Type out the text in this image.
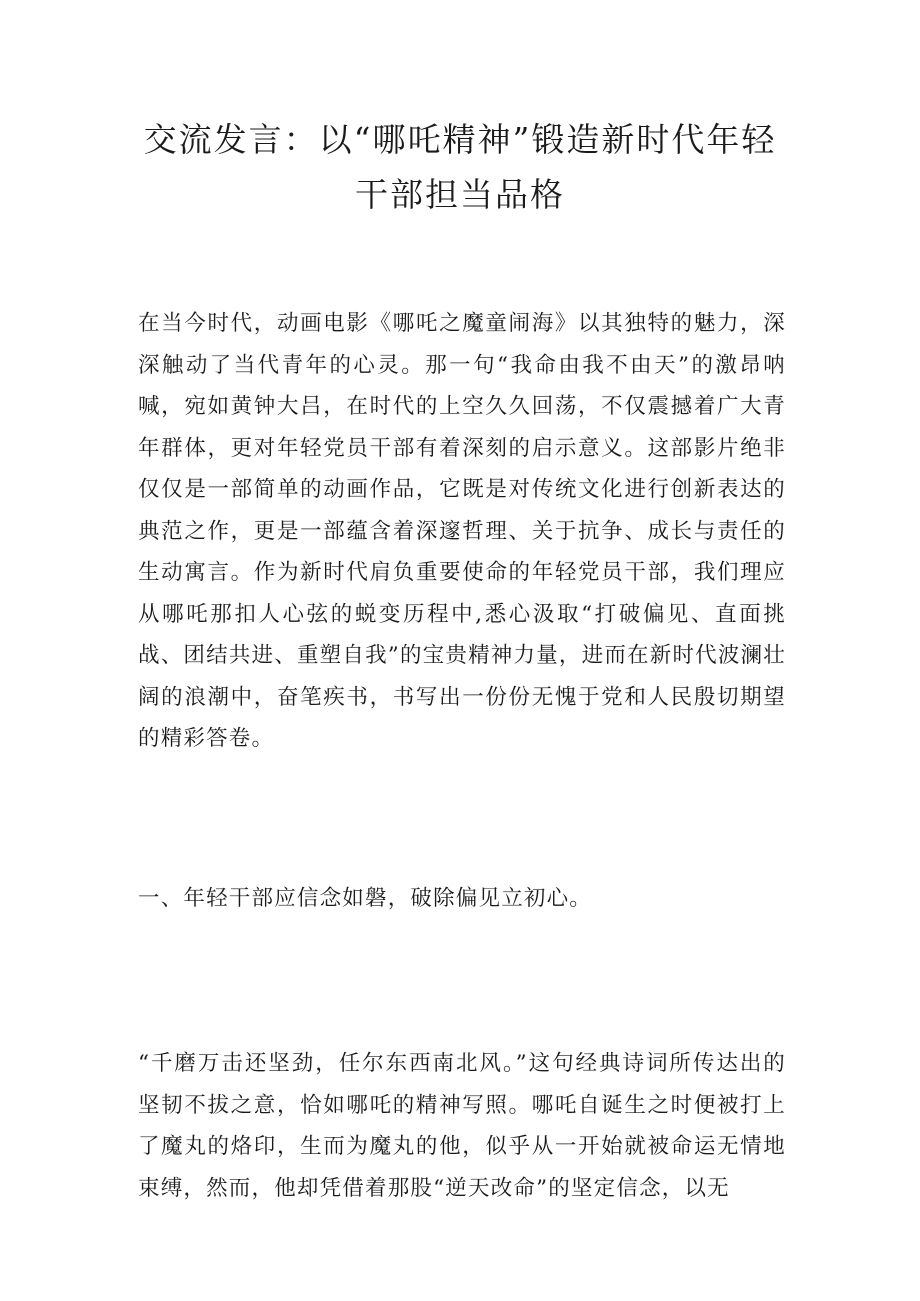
交流发言：以“哪吒精神”锻造新时代年轻
干部担当品格

在当今时代，动画电影《哪吒之魔童闹海》以其独特的魅力，深深触动了当代青年的心灵。那一句“我命由我不由天”的激昂呐喊，宛如黄钟大吕，在时代的上空久久回荡，不仅震撼着广大青年群体，更对年轻党员干部有着深刻的启示意义。这部影片绝非仅仅是一部简单的动画作品，它既是对传统文化进行创新表达的典范之作，更是一部蕴含着深邃哲理、关于抗争、成长与责任的生动寓言。作为新时代肩负重要使命的年轻党员干部，我们理应从哪吒那扣人心弦的蜕变历程中,悉心汲取“打破偏见、直面挑战、团结共进、重塑自我”的宝贵精神力量，进而在新时代波澜壮阔的浪潮中，奋笔疾书，书写出一份份无愧于党和人民殷切期望的精彩答卷。

一、年轻干部应信念如磐，破除偏见立初心。

“千磨万击还坚劲，任尔东西南北风。”这句经典诗词所传达出的坚韧不拔之意，恰如哪吒的精神写照。哪吒自诞生之时便被打上了魔丸的烙印，生而为魔丸的他，似乎从一开始就被命运无情地束缚，然而，他却凭借着那股“逆天改命”的坚定信念，以无
